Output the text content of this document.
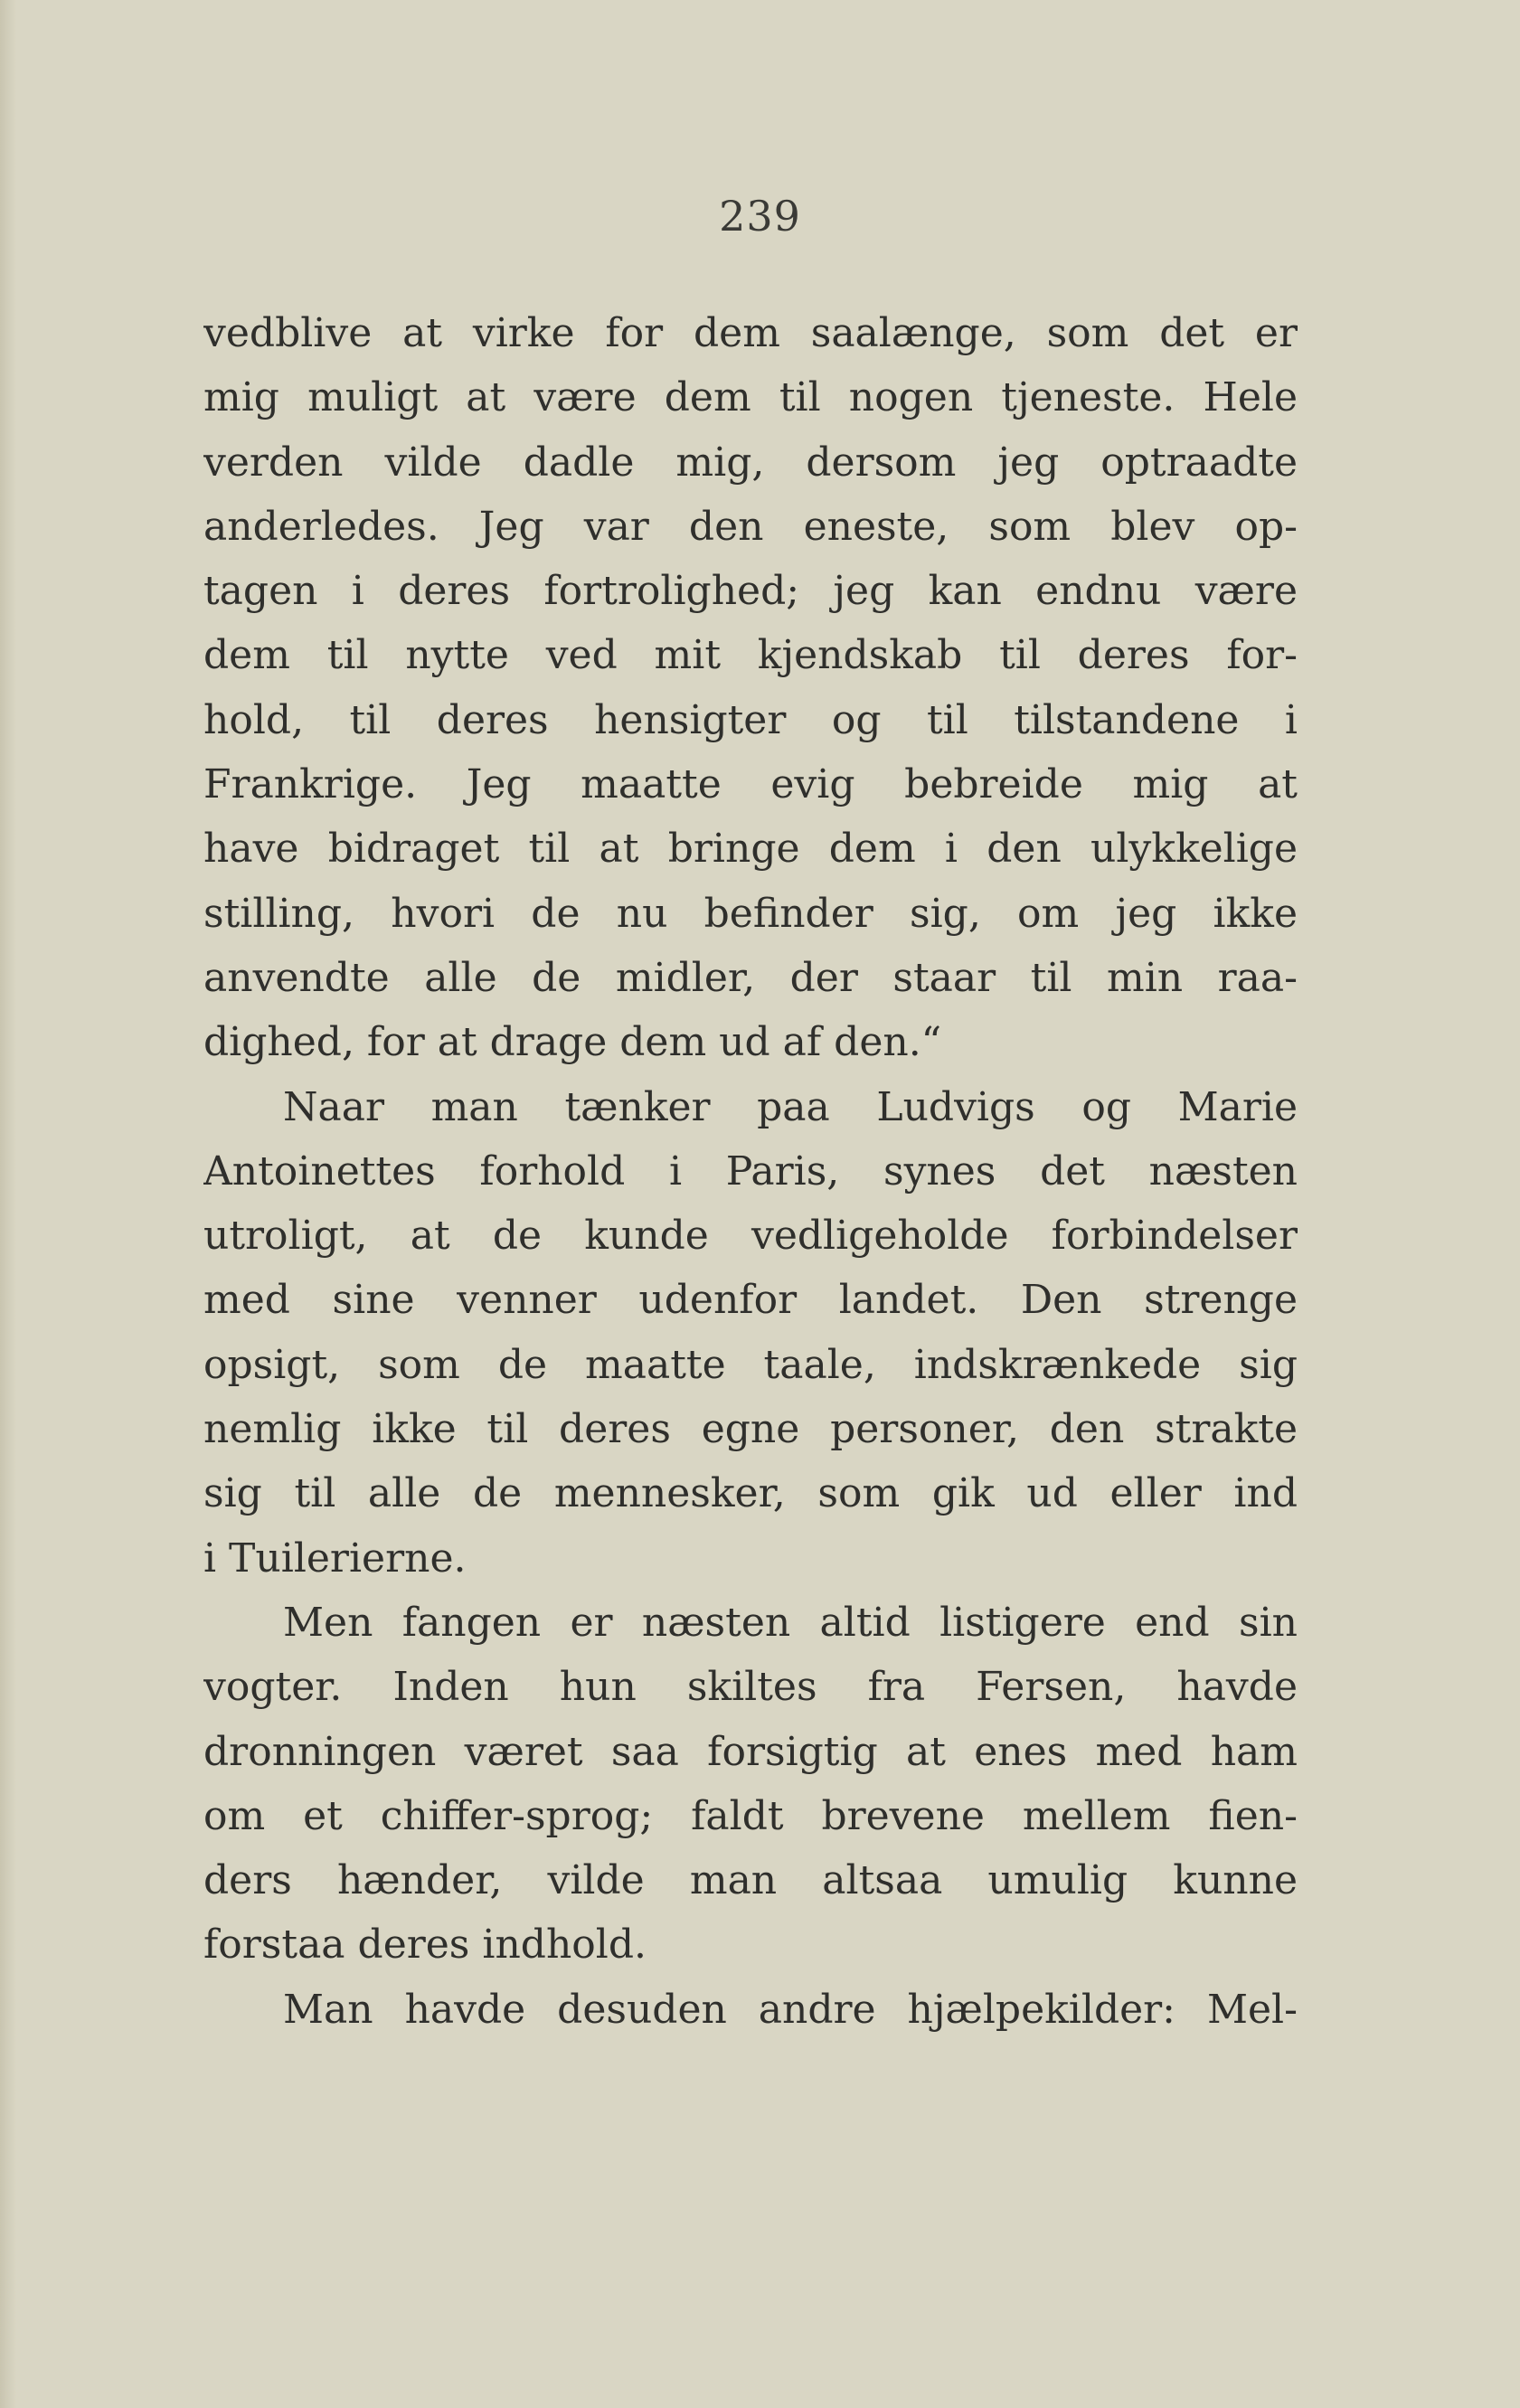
239
vedblive at virke for dem saalænge, som det er
mig muligt at være dem til nogen tjeneste. Hele
verden vilde dadle mig, dersom jeg optraadte
anderledes. Jeg var den eneste, som blev op-
tagen i deres fortrolighed; jeg kan endnu være
dem til nytte ved mit kjendskab til deres for-
hold, til deres hensigter og til tilstandene i
Frankrige. Jeg maatte evig bebreide mig at
have bidraget til at bringe dem i den ulykkelige
stilling, hvori de nu befinder sig, om jeg ikke
anvendte alle de midler, der staar til min raa-
dighed, for at drage dem ud af den.“
Naar man tænker paa Ludvigs og Marie
Antoinettes forhold i Paris, synes det næsten
utroligt, at de kunde vedligeholde forbindelser
med sine venner udenfor landet. Den strenge
opsigt, som de maatte taale, indskrænkede sig
nemlig ikke til deres egne personer, den strakte
sig til alle de mennesker, som gik ud eller ind
i Tuilerierne.
Men fangen er næsten altid listigere end sin
vogter. Inden hun skiltes fra Fersen, havde
dronningen været saa forsigtig at enes med ham
om et chiffer-sprog; faldt brevene mellem fien-
ders hænder, vilde man altsaa umulig kunne
forstaa deres indhold.
Man havde desuden andre hjælpekilder: Mel-
